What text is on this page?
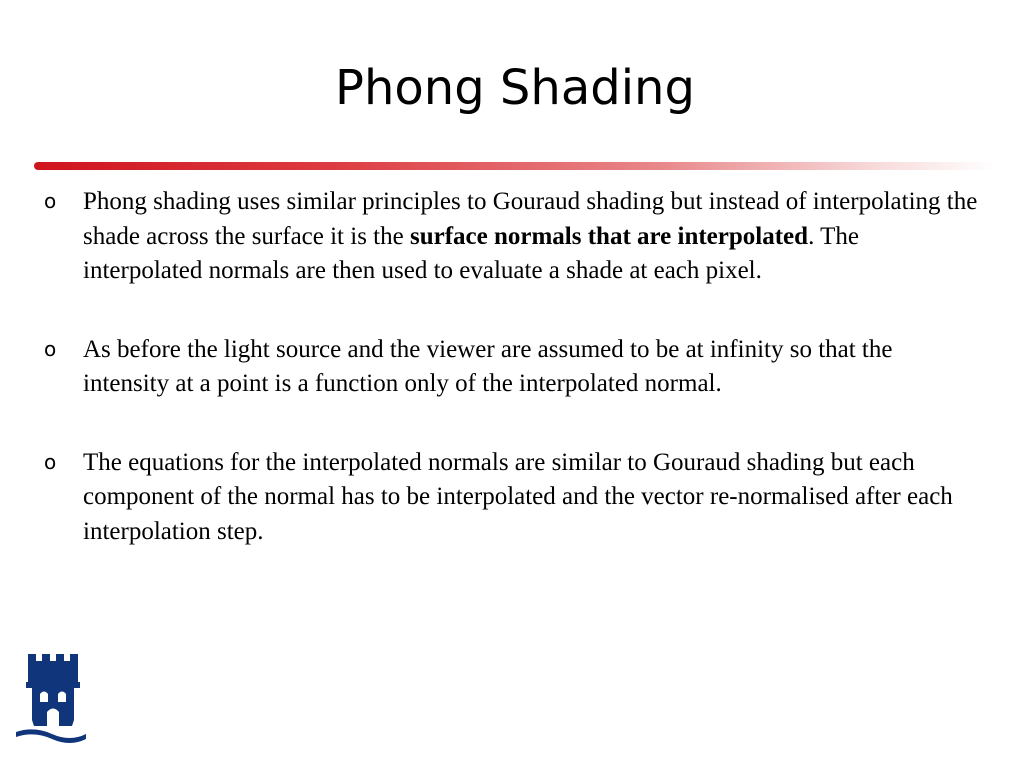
Phong Shading
o Phong shading uses similar principles to Gouraud shading but instead of interpolating the shade across the surface it is the surface normals that are interpolated. The interpolated normals are then used to evaluate a shade at each pixel.
o As before the light source and the viewer are assumed to be at infinity so that the intensity at a point is a function only of the interpolated normal.
o The equations for the interpolated normals are similar to Gouraud shading but each component of the normal has to be interpolated and the vector re-normalised after each interpolation step.
